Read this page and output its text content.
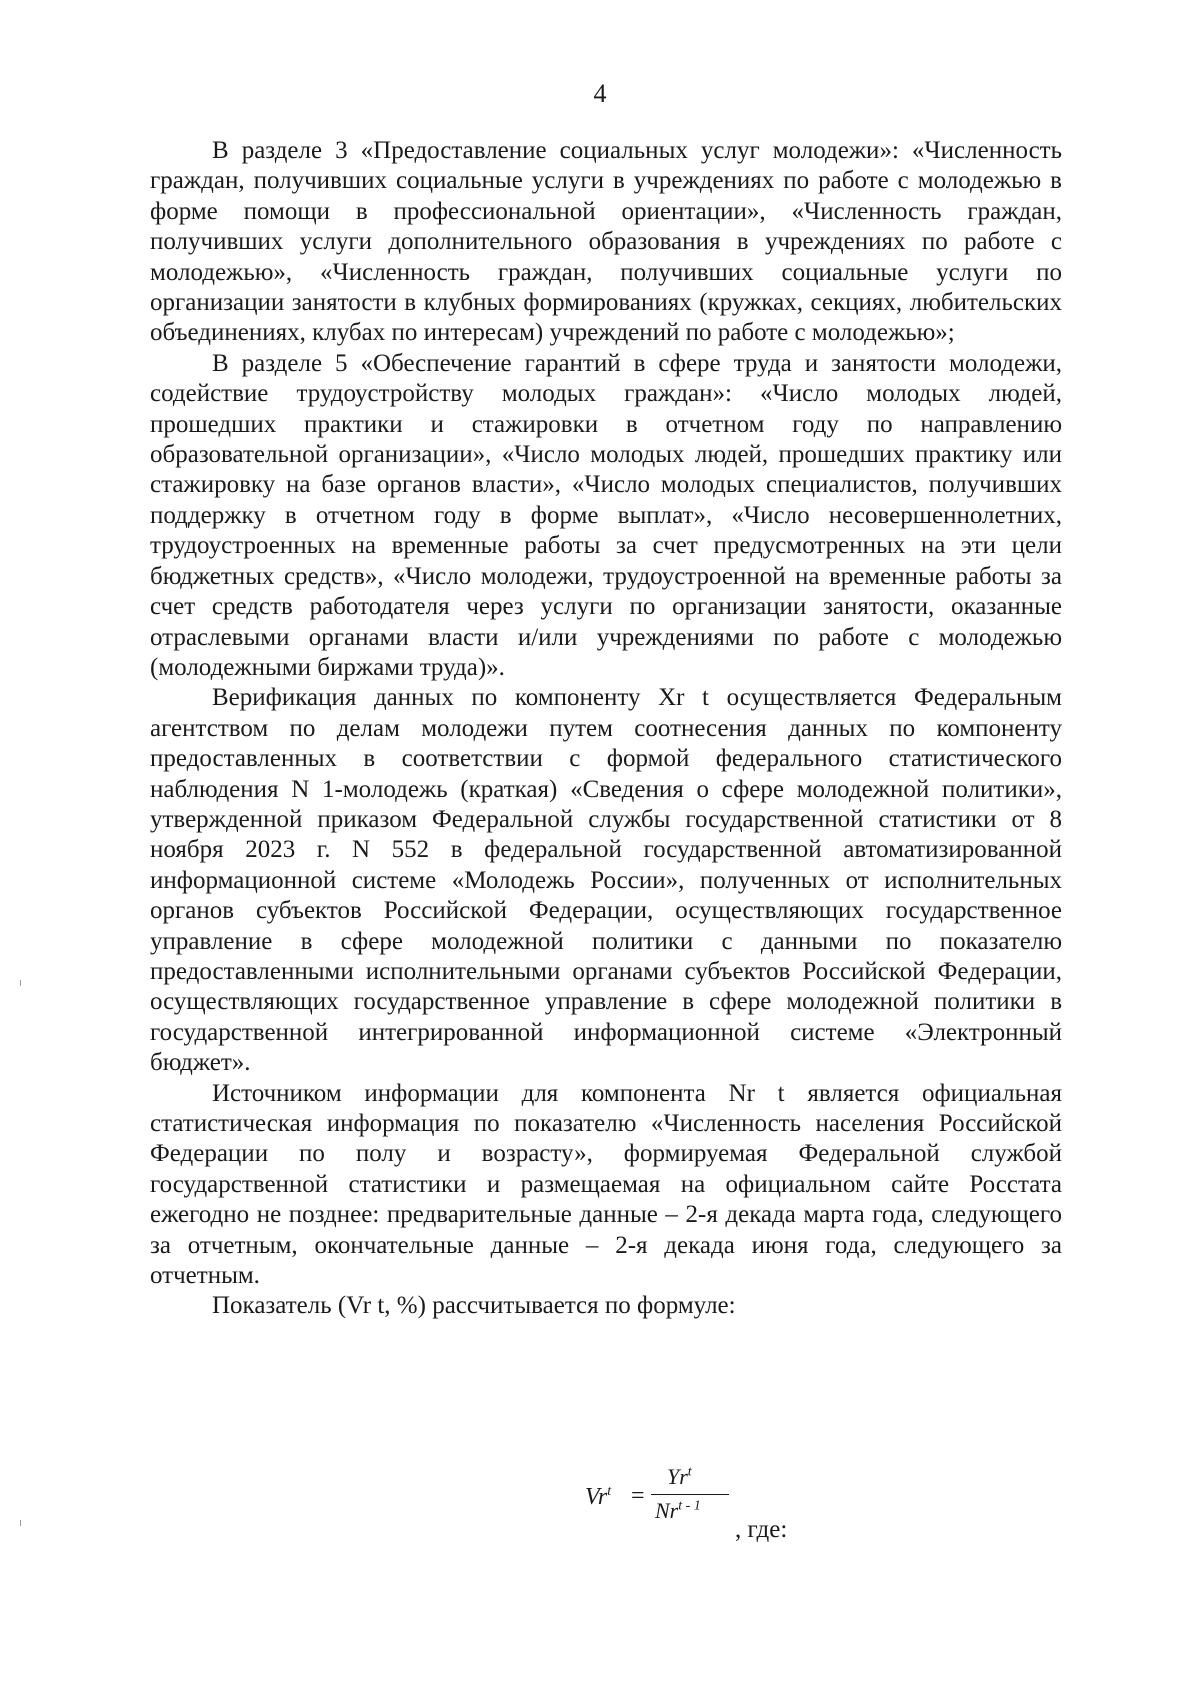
4

В разделе 3 «Предоставление социальных услуг молодежи»: «Численность граждан, получивших социальные услуги в учреждениях по работе с молодежью в форме помощи в профессиональной ориентации», «Численность граждан, получивших услуги дополнительного образования в учреждениях по работе с молодежью», «Численность граждан, получивших социальные услуги по организации занятости в клубных формированиях (кружках, секциях, любительских объединениях, клубах по интересам) учреждений по работе с молодежью»;

В разделе 5 «Обеспечение гарантий в сфере труда и занятости молодежи, содействие трудоустройству молодых граждан»: «Число молодых людей, прошедших практики и стажировки в отчетном году по направлению образовательной организации», «Число молодых людей, прошедших практику или стажировку на базе органов власти», «Число молодых специалистов, получивших поддержку в отчетном году в форме выплат», «Число несовершеннолетних, трудоустроенных на временные работы за счет предусмотренных на эти цели бюджетных средств», «Число молодежи, трудоустроенной на временные работы за счет средств работодателя через услуги по организации занятости, оказанные отраслевыми органами власти и/или учреждениями по работе с молодежью (молодежными биржами труда)».

Верификация данных по компоненту Xr t осуществляется Федеральным агентством по делам молодежи путем соотнесения данных по компоненту предоставленных в соответствии с формой федерального статистического наблюдения N 1-молодежь (краткая) «Сведения о сфере молодежной политики», утвержденной приказом Федеральной службы государственной статистики от 8 ноября 2023 г. N 552 в федеральной государственной автоматизированной информационной системе «Молодежь России», полученных от исполнительных органов субъектов Российской Федерации, осуществляющих государственное управление в сфере молодежной политики с данными по показателю предоставленными исполнительными органами субъектов Российской Федерации, осуществляющих государственное управление в сфере молодежной политики в государственной интегрированной информационной системе «Электронный бюджет».

Источником информации для компонента Nr t является официальная статистическая информация по показателю «Численность населения Российской Федерации по полу и возрасту», формируемая Федеральной службой государственной статистики и размещаемая на официальном сайте Росстата ежегодно не позднее: предварительные данные – 2-я декада марта года, следующего за отчетным, окончательные данные – 2-я декада июня года, следующего за отчетным.

Показатель (Vr t, %) рассчитывается по формуле:

$Vr^t$ =
$Yr^t$
Nr$^{t - 1}$
, где:
